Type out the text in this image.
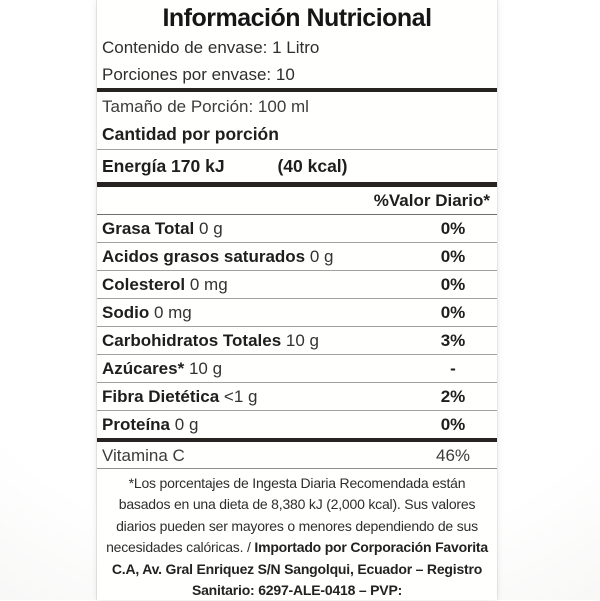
Información Nutricional
Contenido de envase: 1 Litro
Porciones por envase: 10
Tamaño de Porción: 100 ml
Cantidad por porción
Energía 170 kJ	(40 kcal)
%Valor Diario*
Grasa Total 0 g	0%
Acidos grasos saturados 0 g	0%
Colesterol 0 mg	0%
Sodio 0 mg	0%
Carbohidratos Totales 10 g	3%
Azúcares* 10 g	-
Fibra Dietética <1 g	2%
Proteína 0 g	0%
Vitamina C	46%
*Los porcentajes de Ingesta Diaria Recomendada están
basados en una dieta de 8,380 kJ (2,000 kcal). Sus valores
diarios pueden ser mayores o menores dependiendo de sus
necesidades calóricas. / Importado por Corporación Favorita
C.A, Av. Gral Enriquez S/N Sangolqui, Ecuador – Registro
Sanitario: 6297-ALE-0418 – PVP:
